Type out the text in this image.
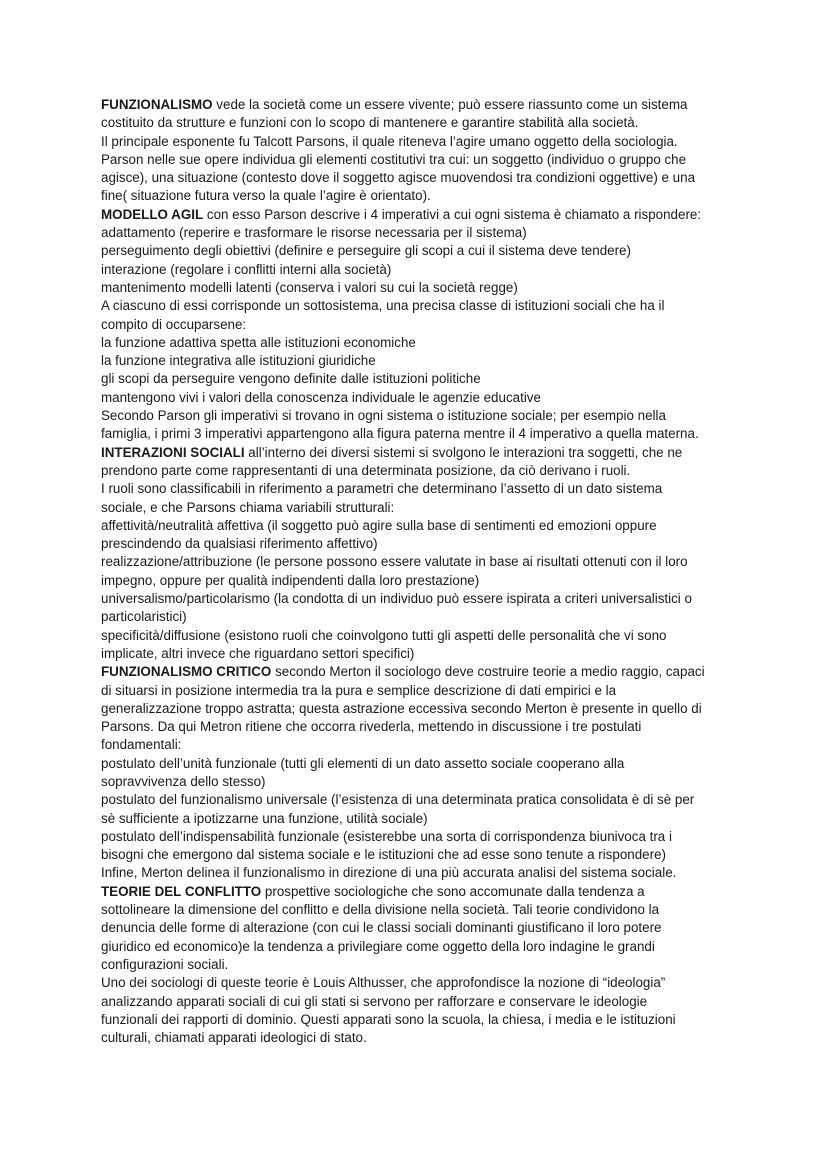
FUNZIONALISMO vede la società come un essere vivente; può essere riassunto come un sistema
costituito da strutture e funzioni con lo scopo di mantenere e garantire stabilità alla società.
Il principale esponente fu Talcott Parsons, il quale riteneva l’agire umano oggetto della sociologia.
Parson nelle sue opere individua gli elementi costitutivi tra cui: un soggetto (individuo o gruppo che
agisce), una situazione (contesto dove il soggetto agisce muovendosi tra condizioni oggettive) e una
fine( situazione futura verso la quale l’agire è orientato).
MODELLO AGIL con esso Parson descrive i 4 imperativi a cui ogni sistema è chiamato a rispondere:
adattamento (reperire e trasformare le risorse necessaria per il sistema)
perseguimento degli obiettivi (definire e perseguire gli scopi a cui il sistema deve tendere)
interazione (regolare i conflitti interni alla società)
mantenimento modelli latenti (conserva i valori su cui la società regge)
A ciascuno di essi corrisponde un sottosistema, una precisa classe di istituzioni sociali che ha il
compito di occuparsene:
la funzione adattiva spetta alle istituzioni economiche
la funzione integrativa alle istituzioni giuridiche
gli scopi da perseguire vengono definite dalle istituzioni politiche
mantengono vivi i valori della conoscenza individuale le agenzie educative
Secondo Parson gli imperativi si trovano in ogni sistema o istituzione sociale; per esempio nella
famiglia, i primi 3 imperativi appartengono alla figura paterna mentre il 4 imperativo a quella materna.
INTERAZIONI SOCIALI all’interno dei diversi sistemi si svolgono le interazioni tra soggetti, che ne
prendono parte come rappresentanti di una determinata posizione, da ciò derivano i ruoli.
I ruoli sono classificabili in riferimento a parametri che determinano l’assetto di un dato sistema
sociale, e che Parsons chiama variabili strutturali:
affettività/neutralità affettiva (il soggetto può agire sulla base di sentimenti ed emozioni oppure
prescindendo da qualsiasi riferimento affettivo)
realizzazione/attribuzione (le persone possono essere valutate in base ai risultati ottenuti con il loro
impegno, oppure per qualità indipendenti dalla loro prestazione)
universalismo/particolarismo (la condotta di un individuo può essere ispirata a criteri universalistici o
particolaristici)
specificità/diffusione (esistono ruoli che coinvolgono tutti gli aspetti delle personalità che vi sono
implicate, altri invece che riguardano settori specifici)
FUNZIONALISMO CRITICO secondo Merton il sociologo deve costruire teorie a medio raggio, capaci
di situarsi in posizione intermedia tra la pura e semplice descrizione di dati empirici e la
generalizzazione troppo astratta; questa astrazione eccessiva secondo Merton è presente in quello di
Parsons. Da qui Metron ritiene che occorra rivederla, mettendo in discussione i tre postulati
fondamentali:
postulato dell’unità funzionale (tutti gli elementi di un dato assetto sociale cooperano alla
sopravvivenza dello stesso)
postulato del funzionalismo universale (l’esistenza di una determinata pratica consolidata è di sè per
sè sufficiente a ipotizzarne una funzione, utilità sociale)
postulato dell’indispensabilità funzionale (esisterebbe una sorta di corrispondenza biunivoca tra i
bisogni che emergono dal sistema sociale e le istituzioni che ad esse sono tenute a rispondere)
Infine, Merton delinea il funzionalismo in direzione di una più accurata analisi del sistema sociale.
TEORIE DEL CONFLITTO prospettive sociologiche che sono accomunate dalla tendenza a
sottolineare la dimensione del conflitto e della divisione nella società. Tali teorie condividono la
denuncia delle forme di alterazione (con cui le classi sociali dominanti giustificano il loro potere
giuridico ed economico)e la tendenza a privilegiare come oggetto della loro indagine le grandi
configurazioni sociali.
Uno dei sociologi di queste teorie è Louis Althusser, che approfondisce la nozione di “ideologia”
analizzando apparati sociali di cui gli stati si servono per rafforzare e conservare le ideologie
funzionali dei rapporti di dominio. Questi apparati sono la scuola, la chiesa, i media e le istituzioni
culturali, chiamati apparati ideologici di stato.
